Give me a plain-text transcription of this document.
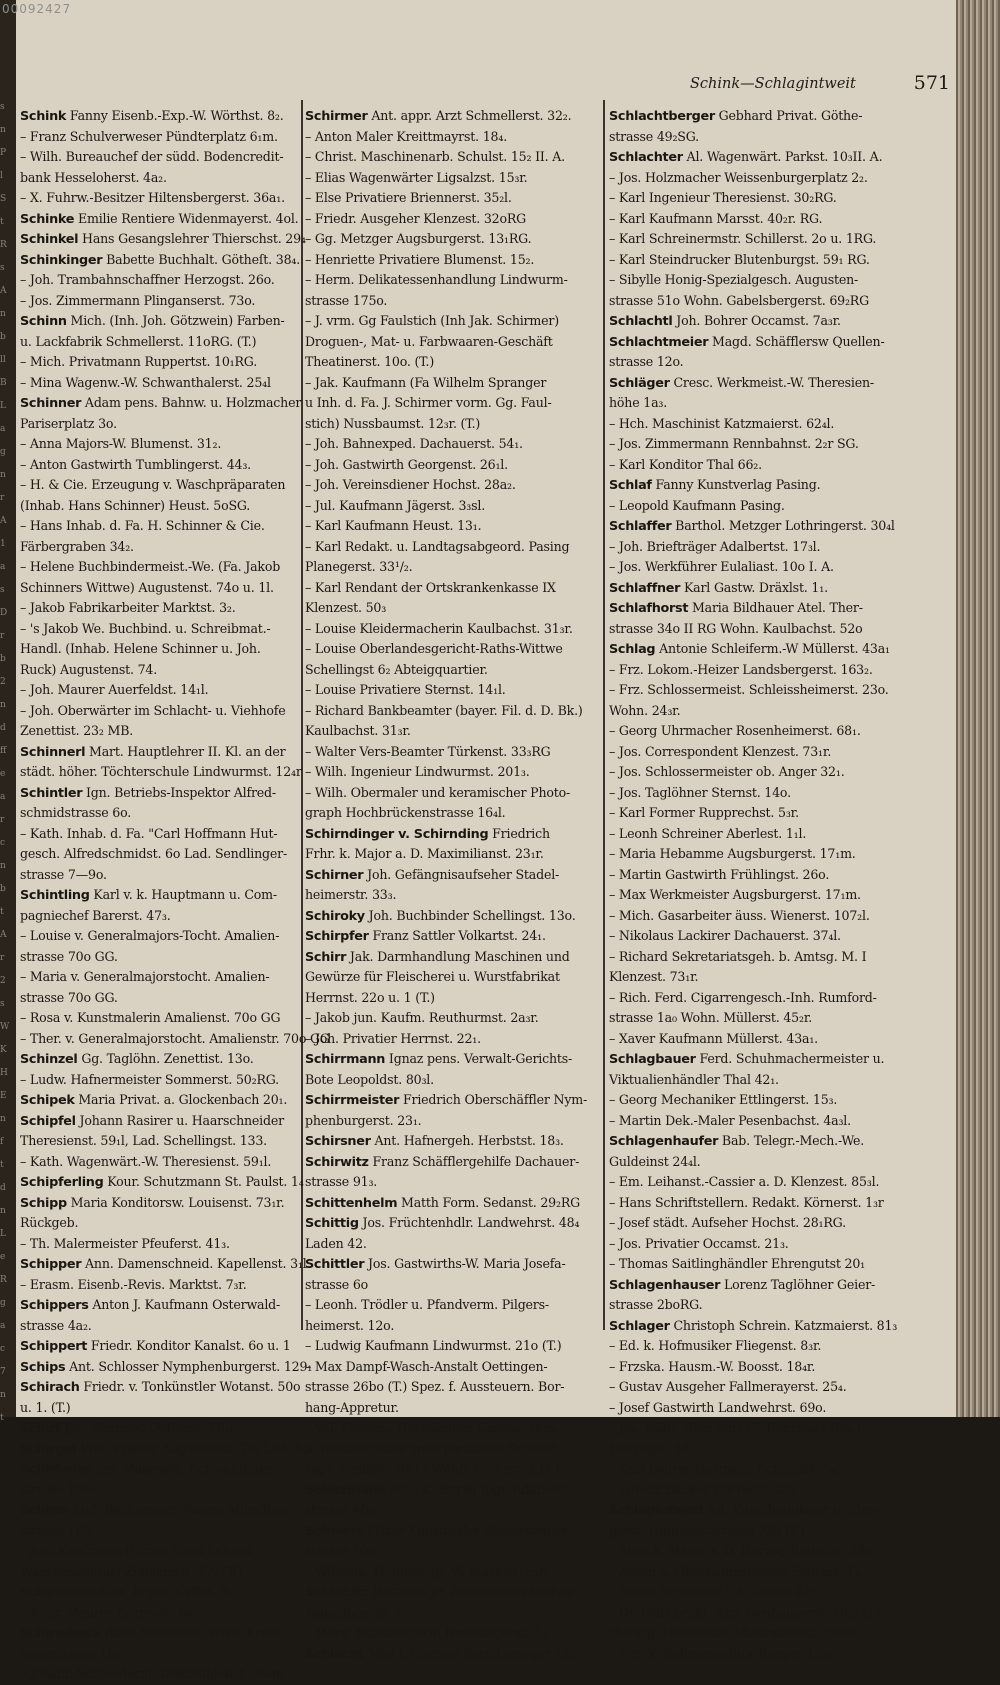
s
n
P
l
S
t
R
s
A
n
b
ll
B
L
a
g
n
r
A
1
a
s
D
r
b
2
n
d
ff
e
a
r
c
n
b
t
A
r
2
s
W
K
H
E
n
f
t
d
n
L
e
R
g
a
c
7
n
t
00092427
Schink—Schlagintweit	571
Schink Fanny Eisenb.-Exp.-W. Wörthst. 8₂.
– Franz Schulverweser Pündterplatz 6₁m.
– Wilh. Bureauchef der südd. Bodencredit-
bank Hesseloherst. 4a₂.
– X. Fuhrw.-Besitzer Hiltensbergerst. 36a₁.
Schinke Emilie Rentiere Widenmayerst. 4ol.
Schinkel Hans Gesangslehrer Thierschst. 29₄
Schinkinger Babette Buchhalt. Götheſt. 38₄.
– Joh. Trambahnschaffner Herzogst. 26o.
– Jos. Zimmermann Plinganserst. 73o.
Schinn Mich. (Inh. Joh. Götzwein) Farben-
u. Lackfabrik Schmellerst. 11oRG. (T.)
– Mich. Privatmann Ruppertst. 10₁RG.
– Mina Wagenw.-W. Schwanthalerst. 25₄l
Schinner Adam pens. Bahnw. u. Holzmacher
Pariserplatz 3o.
– Anna Majors-W. Blumenst. 31₂.
– Anton Gastwirth Tumblingerst. 44₃.
– H. & Cie. Erzeugung v. Waschpräparaten
(Inhab. Hans Schinner) Heust. 5oSG.
– Hans Inhab. d. Fa. H. Schinner & Cie.
Färbergraben 34₂.
– Helene Buchbindermeist.-We. (Fa. Jakob
Schinners Wittwe) Augustenst. 74o u. 1l.
– Jakob Fabrikarbeiter Marktst. 3₂.
– 's Jakob We. Buchbind. u. Schreibmat.-
Handl. (Inhab. Helene Schinner u. Joh.
Ruck) Augustenst. 74.
– Joh. Maurer Auerfeldst. 14₁l.
– Joh. Oberwärter im Schlacht- u. Viehhofe
Zenettist. 23₂ MB.
Schinnerl Mart. Hauptlehrer II. Kl. an der
städt. höher. Töchterschule Lindwurmst. 12₄r
Schintler Ign. Betriebs-Inspektor Alfred-
schmidstrasse 6o.
– Kath. Inhab. d. Fa. "Carl Hoffmann Hut-
gesch. Alfredschmidst. 6o Lad. Sendlinger-
strasse 7—9o.
Schintling Karl v. k. Hauptmann u. Com-
pagniechef Barerst. 47₃.
– Louise v. Generalmajors-Tocht. Amalien-
strasse 70o GG.
– Maria v. Generalmajorstocht. Amalien-
strasse 70o GG.
– Rosa v. Kunstmalerin Amalienst. 70o GG
– Ther. v. Generalmajorstocht. Amalienstr. 70o GG
Schinzel Gg. Taglöhn. Zenettist. 13o.
– Ludw. Hafnermeister Sommerst. 50₂RG.
Schipek Maria Privat. a. Glockenbach 20₁.
Schipfel Johann Rasirer u. Haarschneider
Theresienst. 59₁l, Lad. Schellingst. 133.
– Kath. Wagenwärt.-W. Theresienst. 59₁l.
Schipferling Kour. Schutzmann St. Paulst. 1₄
Schipp Maria Konditorsw. Louisenst. 73₁r.
Rückgeb.
– Th. Malermeister Pfeuferst. 41₃.
Schipper Ann. Damenschneid. Kapellenst. 3₁l.
– Erasm. Eisenb.-Revis. Marktst. 7₃r.
Schippers Anton J. Kaufmann Osterwald-
strasse 4a₂.
Schippert Friedr. Konditor Kanalst. 6o u. 1
Schips Ant. Schlosser Nymphenburgerst. 129₁
Schirach Friedr. v. Tonkünstler Wotanst. 50o
u. 1. (T.)
Schirf Joh. Schmied Oefelest. 10₁r.
Schirgel Vikt. Friseur Augustenst. 79₂ Lad. 85.
Schirhofer Jos. Malergeh. Schwanthaler-
strasse 180₂.
Schirm And. Bäckermstr. Pasing Münchner-
strasse 105
– Joh. Kaufmann (Firma Hans Schirm
Waarenagentur) Zieblandst. 12₁ (T.)
Schirmann Alex. Ingen. Orffst. 8₂.
– Konr. Maurer Görresst. 6o.
Schirmbeck Anna Wechselw.-Wwe. Kreitt-
mayrstrasse 16₃.
– Johann Schneiderm. Dreimühlenst. 30₄m
Schirmer Ant. appr. Arzt Schmellerst. 32₂.
– Anton Maler Kreittmayrst. 18₄.
– Christ. Maschinenarb. Schulst. 15₂ II. A.
– Elias Wagenwärter Ligsalzst. 15₃r.
– Else Privatiere Briennerst. 35₂l.
– Friedr. Ausgeher Klenzest. 32oRG
– Gg. Metzger Augsburgerst. 13₁RG.
– Henriette Privatiere Blumenst. 15₂.
– Herm. Delikatessenhandlung Lindwurm-
strasse 175o.
– J. vrm. Gg Faulstich (Inh Jak. Schirmer)
Droguen-, Mat- u. Farbwaaren-Geschäft
Theatinerst. 10o. (T.)
– Jak. Kaufmann (Fa Wilhelm Spranger
u Inh. d. Fa. J. Schirmer vorm. Gg. Faul-
stich) Nussbaumst. 12₃r. (T.)
– Joh. Bahnexped. Dachauerst. 54₁.
– Joh. Gastwirth Georgenst. 26₁l.
– Joh. Vereinsdiener Hochst. 28a₂.
– Jul. Kaufmann Jägerst. 3₃sl.
– Karl Kaufmann Heust. 13₁.
– Karl Redakt. u. Landtagsabgeord. Pasing
Planegerst. 33¹/₂.
– Karl Rendant der Ortskrankenkasse IX
Klenzest. 50₃
– Louise Kleidermacherin Kaulbachst. 31₃r.
– Louise Oberlandesgericht-Raths-Wittwe
Schellingst 6₂ Abteigquartier.
– Louise Privatiere Sternst. 14₁l.
– Richard Bankbeamter (bayer. Fil. d. D. Bk.)
Kaulbachst. 31₃r.
– Walter Vers-Beamter Türkenst. 33₃RG
– Wilh. Ingenieur Lindwurmst. 201₃.
– Wilh. Obermaler und keramischer Photo-
graph Hochbrückenstrasse 16₄l.
Schirndinger v. Schirnding Friedrich
Frhr. k. Major a. D. Maximilianst. 23₁r.
Schirner Joh. Gefängnisaufseher Stadel-
heimerstr. 33₃.
Schiroky Joh. Buchbinder Schellingst. 13o.
Schirpfer Franz Sattler Volkartst. 24₁.
Schirr Jak. Darmhandlung Maschinen und
Gewürze für Fleischerei u. Wurstfabrikat
Herrnst. 22o u. 1 (T.)
– Jakob jun. Kaufm. Reuthurmst. 2a₃r.
– Joh. Privatier Herrnst. 22₁.
Schirrmann Ignaz pens. Verwalt-Gerichts-
Bote Leopoldst. 80₃l.
Schirrmeister Friedrich Oberschäffler Nym-
phenburgerst. 23₁.
Schirsner Ant. Hafnergeh. Herbstst. 18₃.
Schirwitz Franz Schäfflergehilfe Dachauer-
strasse 91₃.
Schittenhelm Matth Form. Sedanst. 29₂RG
Schittig Jos. Früchtenhdlr. Landwehrst. 48₄
Laden 42.
Schittler Jos. Gastwirths-W. Maria Josefa-
strasse 6o
– Leonh. Trödler u. Pfandverm. Pilgers-
heimerst. 12o.
– Ludwig Kaufmann Lindwurmst. 21o (T.)
– Max Dampf-Wasch-Anstalt Oettingen-
strasse 26bo (T.) Spez. f. Aussteuern. Bor-
hang-Appretur.
– Val. Flossm., Holzhändler Gasthausbes.
u. Besitzer einer transportablen Schneid-
säge Staubst. 76(T.) Wohn. Geierst. 2₁(T.)
Schitzmann Sim. Kunstphotogr. Adalbert-
strasse 40o.
Schivert Viktor Kunstmaler Biedersteiner-
strasse 10o.
– Wilhelm. Hofphotogr.-W. Marktst. 5₃r.
Schlabitz Hermine pr. Rittmeisters-Wittwe
Ismaningerst. 1₃.
– Marg. Schullehrerin Ismaningerst. 1₃.
Schlacht Max f. Gärtner Bereiteranger 12₃
Schlachtberger Gebhard Privat. Göthe-
strasse 49₂SG.
Schlachter Al. Wagenwärt. Parkst. 10₃II. A.
– Jos. Holzmacher Weissenburgerplatz 2₂.
– Karl Ingenieur Theresienst. 30₂RG.
– Karl Kaufmann Marsst. 40₂r. RG.
– Karl Schreinermstr. Schillerst. 2o u. 1RG.
– Karl Steindrucker Blutenburgst. 59₁ RG.
– Sibylle Honig-Spezialgesch. Augusten-
strasse 51o Wohn. Gabelsbergerst. 69₂RG
Schlachtl Joh. Bohrer Occamst. 7a₃r.
Schlachtmeier Magd. Schäfflersw Quellen-
strasse 12o.
Schläger Cresc. Werkmeist.-W. Theresien-
höhe 1a₃.
– Hch. Maschinist Katzmaierst. 62₄l.
– Jos. Zimmermann Rennbahnst. 2₂r SG.
– Karl Konditor Thal 66₂.
Schlaf Fanny Kunstverlag Pasing.
– Leopold Kaufmann Pasing.
Schlaffer Barthol. Metzger Lothringerst. 30₄l
– Joh. Briefträger Adalbertst. 17₃l.
– Jos. Werkführer Eulaliast. 10o I. A.
Schlaffner Karl Gastw. Dräxlst. 1₁.
Schlafhorst Maria Bildhauer Atel. Ther-
strasse 34o II RG Wohn. Kaulbachst. 52o
Schlag Antonie Schleiferm.-W Müllerst. 43a₁
– Frz. Lokom.-Heizer Landsbergerst. 163₂.
– Frz. Schlossermeist. Schleissheimerst. 23o.
Wohn. 24₃r.
– Georg Uhrmacher Rosenheimerst. 68₁.
– Jos. Correspondent Klenzest. 73₁r.
– Jos. Schlossermeister ob. Anger 32₁.
– Jos. Taglöhner Sternst. 14o.
– Karl Former Rupprechst. 5₃r.
– Leonh Schreiner Aberlest. 1₁l.
– Maria Hebamme Augsburgerst. 17₁m.
– Martin Gastwirth Frühlingst. 26o.
– Max Werkmeister Augsburgerst. 17₁m.
– Mich. Gasarbeiter äuss. Wienerst. 107₂l.
– Nikolaus Lackirer Dachauerst. 37₄l.
– Richard Sekretariatsgeh. b. Amtsg. M. I
Klenzest. 73₁r.
– Rich. Ferd. Cigarrengesch.-Inh. Rumford-
strasse 1a₀ Wohn. Müllerst. 45₂r.
– Xaver Kaufmann Müllerst. 43a₁.
Schlagbauer Ferd. Schuhmachermeister u.
Viktualienhändler Thal 42₁.
– Georg Mechaniker Ettlingerst. 15₃.
– Martin Dek.-Maler Pesenbachst. 4a₃l.
Schlagenhaufer Bab. Telegr.-Mech.-We.
Guldeinst 24₄l.
– Em. Leihanst.-Cassier a. D. Klenzest. 85₃l.
– Hans Schriftstellern. Redakt. Körnerst. 1₃r
– Josef städt. Aufseher Hochst. 28₁RG.
– Jos. Privatier Occamst. 21₃.
– Thomas Saitlinghändler Ehrengutst 20₁
Schlagenhauser Lorenz Taglöhner Geier-
strasse 2boRG.
Schlager Christoph Schrein. Katzmaierst. 81₃
– Ed. k. Hofmusiker Fliegenst. 8₃r.
– Frzska. Hausm.-W. Boosst. 18₄r.
– Gustav Ausgeher Fallmerayerst. 25₄.
– Josef Gastwirth Landwehrst. 69o.
– Jos. städt. Rohrwart (5. Rohrwart-Bez.)
Herzogst. 36₁.
– Karl Lehrer Hermann Schmidst. 5₄r.
– Lorenz Bäcker Görresst. 43₃.
Schlagintweit Ad. Kunstbauglaser u. Zinn-
giess. Humboldtstrasse 22o (T.)
– Alois k. Major a. D. Herzog Rudolfst. 28₃.
– Anton k. Oberbauinspektor Elvirast. 1₁.
– Anton Taglöhner i. b. Grube 42₂.
– Dr. Felix prakt. Arzt Neuhauserst. 16₂r (T)
chirurg. Heilanstalt Maximilianst. 20bor.
– Frz. X. Bahnexpeditor Rappst 10₃r.
